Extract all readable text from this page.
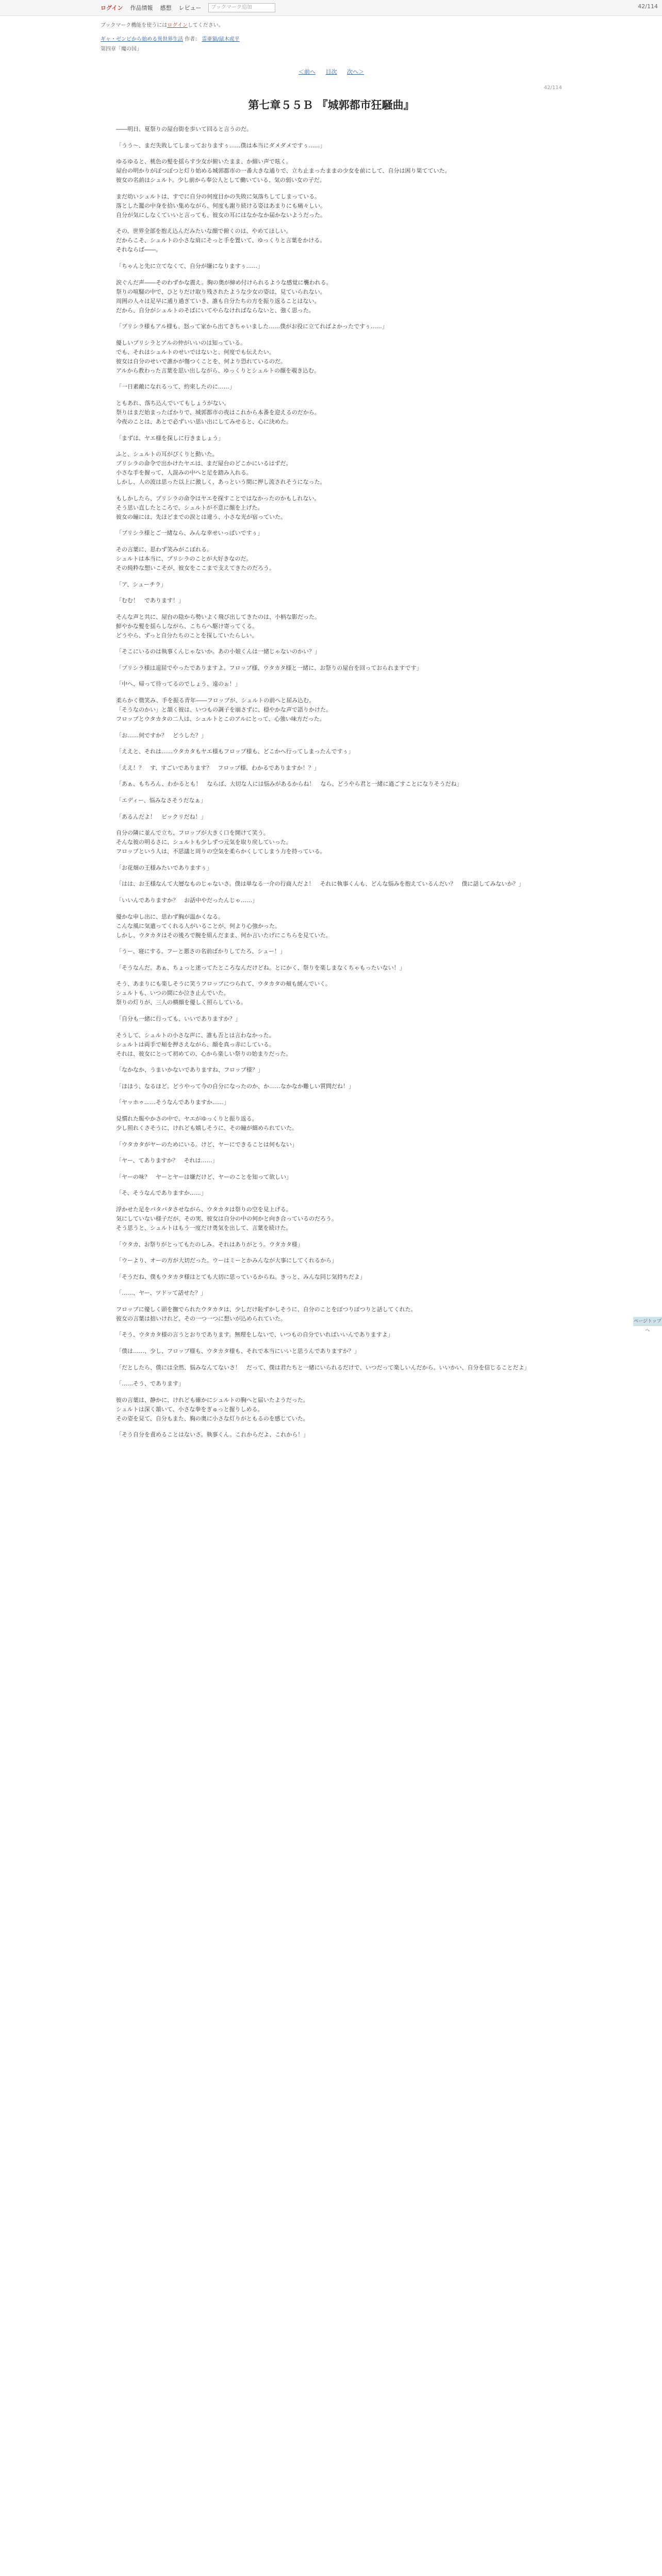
ログイン 作品情報 感想 レビュー	ブックマーク追加	42/114
ブックマーク機能を使うにはログインしてください。
ギャ・ゼンビから始める異世界生活 作者： 霊亜猫/鼠木虎平
第四章「魔の国」
＜前へ 目次 次へ＞
42/114
第七章５５Ｂ 『城郭都市狂騒曲』

――明日、夏祭りの屋台街を歩いて回ると言うのだ。

「うう～、まだ失敗してしまっておりますぅ……僕は本当にダメダメですぅ……」

ゆるゆると、桃色の髪を揺らす少女が俯いたまま、か細い声で呟く。
屋台の明かりがぽつぽつと灯り始める城郭都市の一番大きな通りで、立ち止まったままの少女を前にして、自分は困り果てていた。
彼女の名前はシュルト。少し前から奉公人として働いている、気の弱い女の子だ。

まだ幼いシュルトは、すでに自分の何度目かの失敗に気落ちしてしまっている。
落とした籠の中身を拾い集めながら、何度も謝り続ける姿はあまりにも痛々しい。
自分が気にしなくていいと言っても、彼女の耳にはなかなか届かないようだった。

その、世界全部を抱え込んだみたいな顔で俯くのは、やめてほしい。
だからこそ、シュルトの小さな肩にそっと手を置いて、ゆっくりと言葉をかける。
それならば――。

「ちゃんと先に立てなくて、自分が嫌になりますぅ……」

涙ぐんだ声――そのわずかな震え。胸の奥が締め付けられるような感覚に襲われる。
祭りの喧騒の中で、ひとりだけ取り残されたような少女の姿は、見ていられない。
周囲の人々は足早に通り過ぎていき、誰も自分たちの方を振り返ることはない。
だから、自分がシュルトのそばにいてやらなければならないと、強く思った。

「プリシラ様もアル様も、怒って家から出てきちゃいました……僕がお役に立てればよかったですぅ……」

優しいプリシラとアルの仲がいいのは知っている。
でも、それはシュルトのせいではないと、何度でも伝えたい。
彼女は自分のせいで誰かが傷つくことを、何より恐れているのだ。
アルから教わった言葉を思い出しながら、ゆっくりとシュルトの顔を覗き込む。

「一日素敵になれるって、約束したのに……」

ともあれ、落ち込んでいてもしょうがない。
祭りはまだ始まったばかりで、城郭都市の夜はこれから本番を迎えるのだから。
今夜のことは、あとで必ずいい思い出にしてみせると、心に決めた。

「まずは、ヤエ様を探しに行きましょう」

ふと、シュルトの耳がぴくりと動いた。
プリシラの命令で出かけたヤエは、まだ屋台のどこかにいるはずだ。
小さな手を握って、人混みの中へと足を踏み入れる。
しかし、人の波は思った以上に激しく、あっという間に押し流されそうになった。

もしかしたら、プリシラの命令はヤエを探すことではなかったのかもしれない。
そう思い直したところで、シュルトが不意に顔を上げた。
彼女の瞳には、先ほどまでの涙とは違う、小さな光が宿っていた。

「プリシラ様とご一緒なら、みんな幸せいっぱいですぅ」

その言葉に、思わず笑みがこぼれる。
シュルトは本当に、プリシラのことが大好きなのだ。
その純粋な想いこそが、彼女をここまで支えてきたのだろう。

「ア、シューチラ」

「むむ！　であります！」

そんな声と共に、屋台の陰から勢いよく飛び出してきたのは、小柄な影だった。
鮮やかな髪を揺らしながら、こちらへ駆け寄ってくる。
どうやら、ずっと自分たちのことを探していたらしい。

「そこにいるのは執事くんじゃないか。あの小娘くんは一緒じゃないのかい？」

「プリシラ様は退屈でやったでありますよ。フロップ様、ウタカタ様と一緒に、お祭りの屋台を回っておられますです」

「中へ、帰って待ってるのでしょう、遠のぉ！」

柔らかく微笑み、手を振る青年――フロップが、シュルトの前へと屈み込む。
「そうなのかい」と頷く彼は、いつもの調子を崩さずに、穏やかな声で語りかけた。
フロップとウタカタの二人は、シュルトとこのアルにとって、心強い味方だった。

「お……何ですか？　どうした？」

「ええと、それは……ウタカタもヤエ様もフロップ様も、どこかへ行ってしまったんですぅ」

「ええ！？　す、すごいであります？　フロップ様、わかるでありますか！？」

「あぁ、もちろん、わかるとも！　ならば、大切な人には悩みがあるからね！　なら、どうやら君と一緒に過ごすことになりそうだね」

「エディー、悩みなさそうだなぁ」

「あるんだよ！　ビックリだね！」

自分の隣に並んで立ち、フロップが大きく口を開けて笑う。
そんな彼の明るさに、シュルトも少しずつ元気を取り戻していった。
フロップという人は、不思議と周りの空気を柔らかくしてしまう力を持っている。

「お花畑の王様みたいでありますぅ」

「はは、お王様なんて大層なものじゃないさ。僕は単なる一介の行商人だよ！　それに執事くんも、どんな悩みを抱えているんだい？　僕に話してみないか？」

「いいんでありますか？　お話中やだったんじゃ……」

優かな申し出に、思わず胸が温かくなる。
こんな風に気遣ってくれる人がいることが、何より心強かった。
しかし、ウタカタはその後ろで腕を組んだまま、何か言いたげにこちらを見ていた。

「うー、寝にする。フーと悪さの名前ばかりしてたろ、シュー！」

「そうなんだ。あぁ、ちょっと迷ってたところなんだけどね。とにかく、祭りを楽しまなくちゃもったいない！」

そう、あまりにも楽しそうに笑うフロップにつられて、ウタカタの頬も緩んでいく。
シュルトも、いつの間にか泣き止んでいた。
祭りの灯りが、三人の横顔を優しく照らしている。

「自分も一緒に行っても、いいでありますか？」

そうして、シュルトの小さな声に、誰も否とは言わなかった。
シュルトは両手で頬を押さえながら、顔を真っ赤にしている。
それは、彼女にとって初めての、心から楽しい祭りの始まりだった。

「なかなか、うまいかないでありますね、フロップ様？」

「ほほう、なるほど。どうやって今の自分になったのか、か……なかなか難しい質問だね！」

「ヤッホゥ……そうなんでありますか……」

見慣れた賑やかさの中で、ヤエがゆっくりと振り返る。
少し照れくさそうに、けれども嬉しそうに、その瞳が細められていた。

「ウタカタがヤーのためにいる。けど、ヤーにできることは何もない」

「ヤー、てありますか？　それは……」

「ヤーの味？　ヤーとヤーは嫌だけど、ヤーのことを知って欲しい」

「そ、そうなんでありますか……」

浮かせた足をバタバタさせながら、ウタカタは祭りの空を見上げる。
気にしていない様子だが、その実、彼女は自分の中の何かと向き合っているのだろう。
そう思うと、シュルトはもう一度だけ勇気を出して、言葉を続けた。

「ウタカ、お祭りがとってもたのしみ。それはありがとう。ウタカタ様」

「ウーより、オーの方が大切だった。ウーはミーとかみんなが大事にしてくれるから」

「そうだね、僕もウタカタ様はとても大切に思っているからね。きっと、みんな同じ気持ちだよ」

「……、ヤー、ツドッて話せた？」

フロップに優しく頭を撫でられたウタカタは、少しだけ恥ずかしそうに、自分のことをぽつりぽつりと話してくれた。
彼女の言葉は拙いけれど、その一つ一つに想いが込められていた。

「そう、ウタカタ様の言うとおりであります。無理をしないで、いつもの自分でいればいいんでありますよ」

「僕は……、少し、フロップ様も、ウタカタ様も、それで本当にいいと思うんでありますか？」

「だとしたら、僕には全然、悩みなんてないさ！　だって、僕は君たちと一緒にいられるだけで、いつだって楽しいんだから。いいかい、自分を信じることだよ」

「……そう、であります」

彼の言葉は、静かに、けれども確かにシュルトの胸へと届いたようだった。
シュルトは深く頷いて、小さな拳をぎゅっと握りしめる。
その姿を見て、自分もまた、胸の奥に小さな灯りがともるのを感じていた。

「そう自分を責めることはないさ。執事くん。これからだよ、これから！」

ページトップへ
